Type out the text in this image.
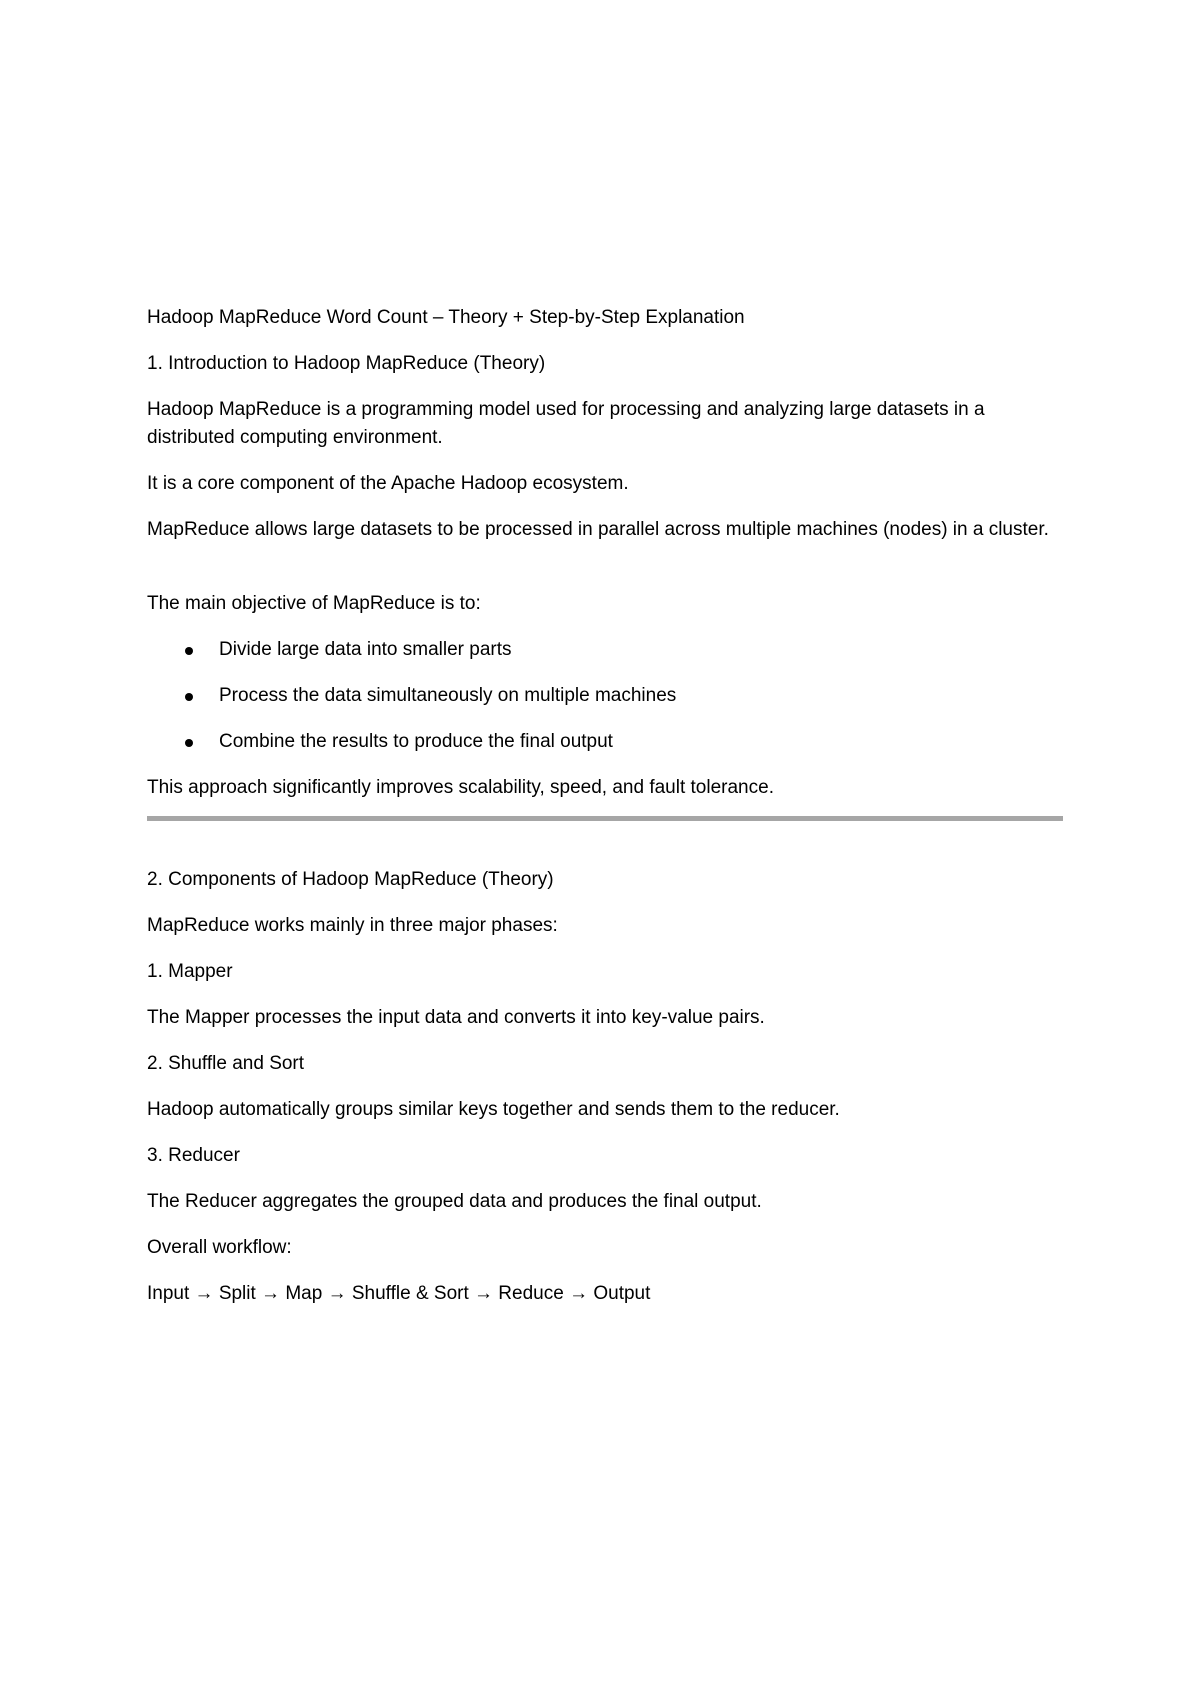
Hadoop MapReduce Word Count – Theory + Step-by-Step Explanation

1. Introduction to Hadoop MapReduce (Theory)

Hadoop MapReduce is a programming model used for processing and analyzing large datasets in a distributed computing environment.

It is a core component of the Apache Hadoop ecosystem.

MapReduce allows large datasets to be processed in parallel across multiple machines (nodes) in a cluster.

The main objective of MapReduce is to:

Divide large data into smaller parts
Process the data simultaneously on multiple machines
Combine the results to produce the final output

This approach significantly improves scalability, speed, and fault tolerance.

2. Components of Hadoop MapReduce (Theory)

MapReduce works mainly in three major phases:

1. Mapper

The Mapper processes the input data and converts it into key-value pairs.

2. Shuffle and Sort

Hadoop automatically groups similar keys together and sends them to the reducer.

3. Reducer

The Reducer aggregates the grouped data and produces the final output.

Overall workflow:

Input → Split → Map → Shuffle & Sort → Reduce → Output
